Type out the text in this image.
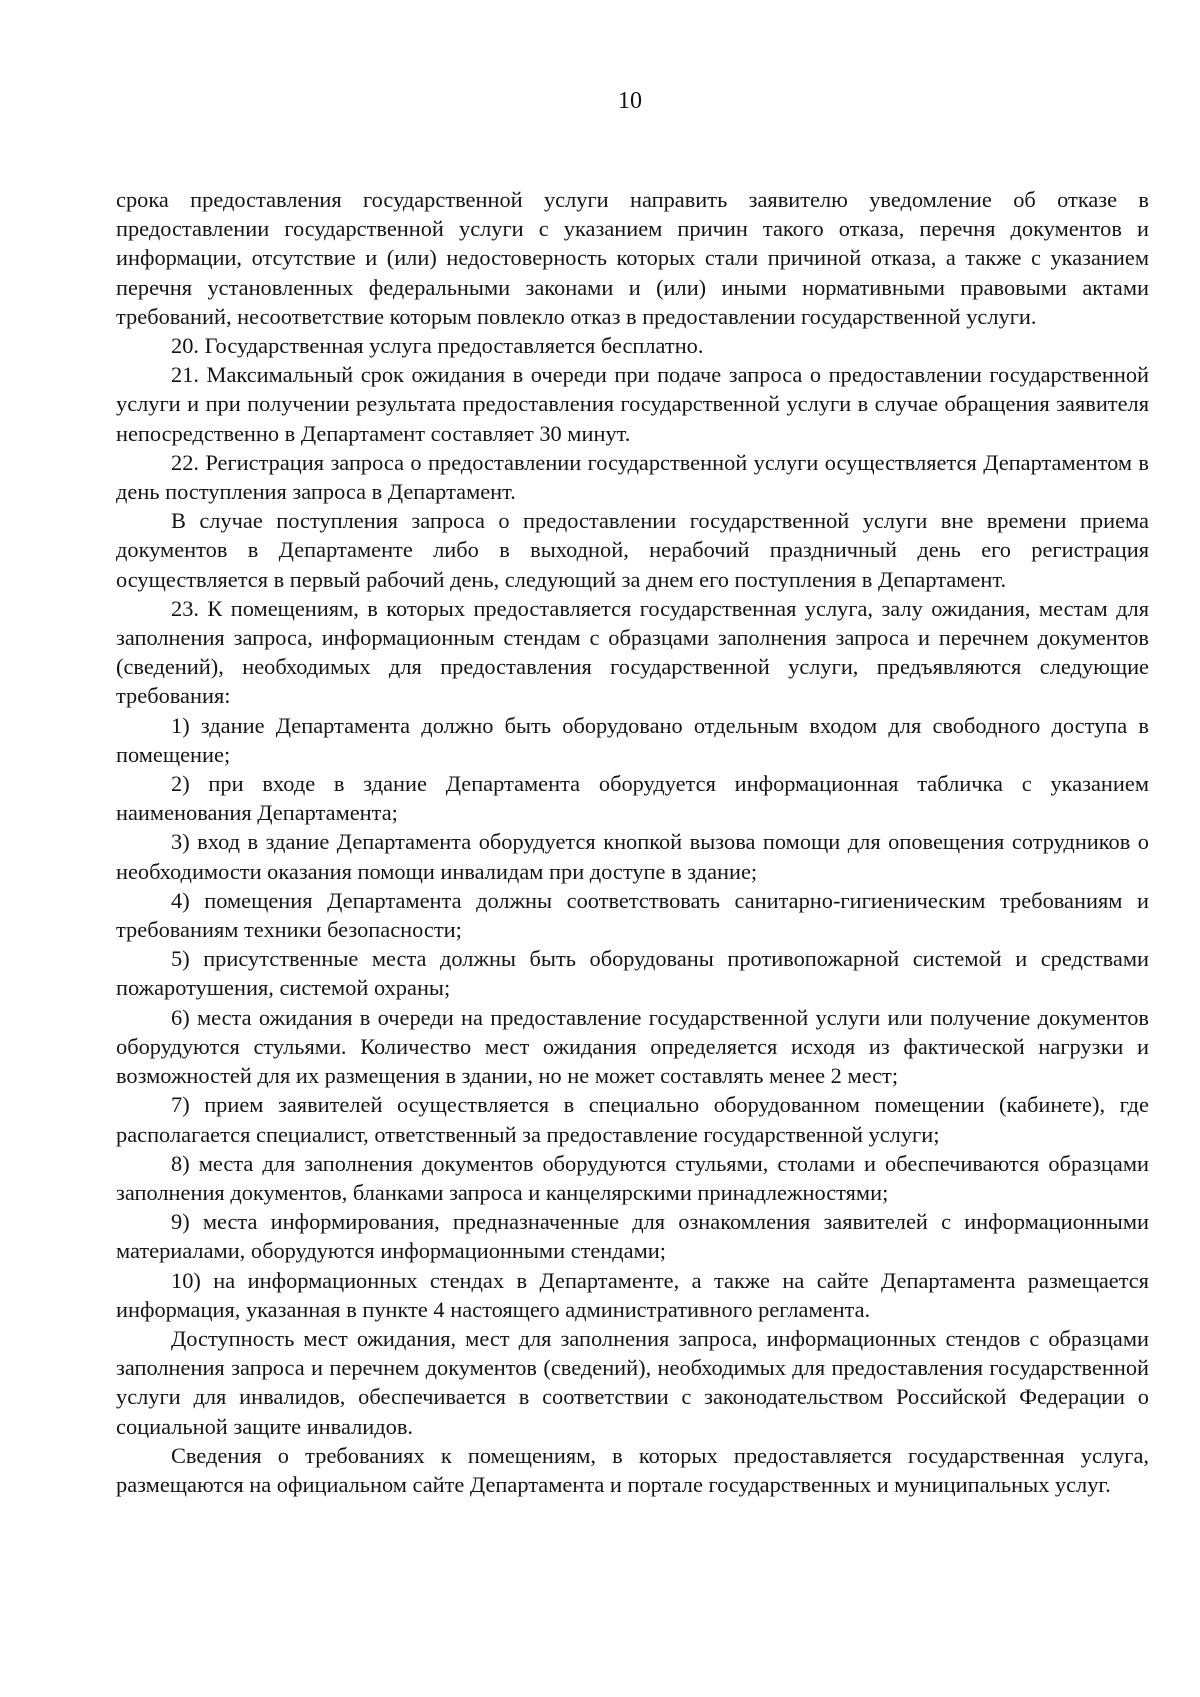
10

срока предоставления государственной услуги направить заявителю уведомление об отказе в предоставлении государственной услуги с указанием причин такого отказа, перечня документов и информации, отсутствие и (или) недостоверность которых стали причиной отказа, а также с указанием перечня установленных федеральными законами и (или) иными нормативными правовыми актами требований, несоответствие которым повлекло отказ в предоставлении государственной услуги.

20. Государственная услуга предоставляется бесплатно.

21. Максимальный срок ожидания в очереди при подаче запроса о предоставлении государственной услуги и при получении результата предоставления государственной услуги в случае обращения заявителя непосредственно в Департамент составляет 30 минут.

22. Регистрация запроса о предоставлении государственной услуги осуществляется Департаментом в день поступления запроса в Департамент.

В случае поступления запроса о предоставлении государственной услуги вне времени приема документов в Департаменте либо в выходной, нерабочий праздничный день его регистрация осуществляется в первый рабочий день, следующий за днем его поступления в Департамент.

23. К помещениям, в которых предоставляется государственная услуга, залу ожидания, местам для заполнения запроса, информационным стендам с образцами заполнения запроса и перечнем документов (сведений), необходимых для предоставления государственной услуги, предъявляются следующие требования:

1) здание Департамента должно быть оборудовано отдельным входом для свободного доступа в помещение;

2) при входе в здание Департамента оборудуется информационная табличка с указанием наименования Департамента;

3) вход в здание Департамента оборудуется кнопкой вызова помощи для оповещения сотрудников о необходимости оказания помощи инвалидам при доступе в здание;

4) помещения Департамента должны соответствовать санитарно-гигиеническим требованиям и требованиям техники безопасности;

5) присутственные места должны быть оборудованы противопожарной системой и средствами пожаротушения, системой охраны;

6) места ожидания в очереди на предоставление государственной услуги или получение документов оборудуются стульями. Количество мест ожидания определяется исходя из фактической нагрузки и возможностей для их размещения в здании, но не может составлять менее 2 мест;

7) прием заявителей осуществляется в специально оборудованном помещении (кабинете), где располагается специалист, ответственный за предоставление государственной услуги;

8) места для заполнения документов оборудуются стульями, столами и обеспечиваются образцами заполнения документов, бланками запроса и канцелярскими принадлежностями;

9) места информирования, предназначенные для ознакомления заявителей с информационными материалами, оборудуются информационными стендами;

10) на информационных стендах в Департаменте, а также на сайте Департамента размещается информация, указанная в пункте 4 настоящего административного регламента.

Доступность мест ожидания, мест для заполнения запроса, информационных стендов с образцами заполнения запроса и перечнем документов (сведений), необходимых для предоставления государственной услуги для инвалидов, обеспечивается в соответствии с законодательством Российской Федерации о социальной защите инвалидов.

Сведения о требованиях к помещениям, в которых предоставляется государственная услуга, размещаются на официальном сайте Департамента и портале государственных и муниципальных услуг.
